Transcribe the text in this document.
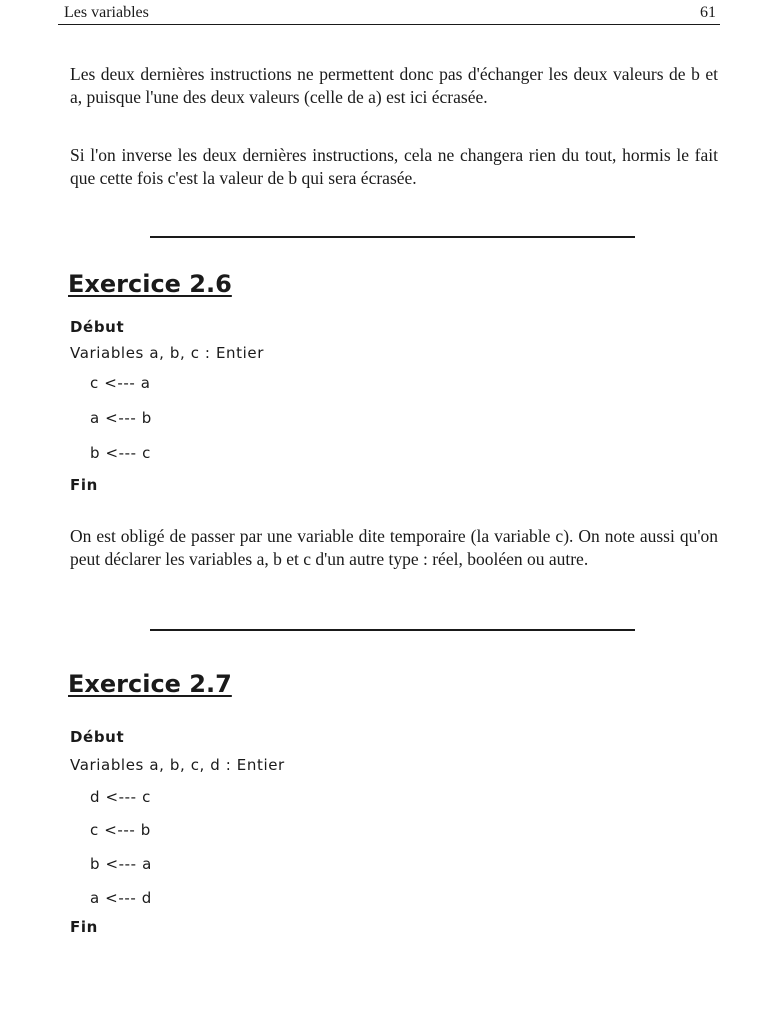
Les variables	61

Les deux dernières instructions ne permettent donc pas d'échanger les deux valeurs de b et a, puisque l'une des deux valeurs (celle de a) est ici écrasée.

Si l'on inverse les deux dernières instructions, cela ne changera rien du tout, hormis le fait que cette fois c'est la valeur de b qui sera écrasée.

Exercice 2.6
Début
Variables a, b, c : Entier
c <--- a
a <--- b
b <--- c
Fin

On est obligé de passer par une variable dite temporaire (la variable c). On note aussi qu'on peut déclarer les variables a, b et c d'un autre type : réel, booléen ou autre.

Exercice 2.7
Début
Variables a, b, c, d : Entier
d <--- c
c <--- b
b <--- a
a <--- d
Fin
